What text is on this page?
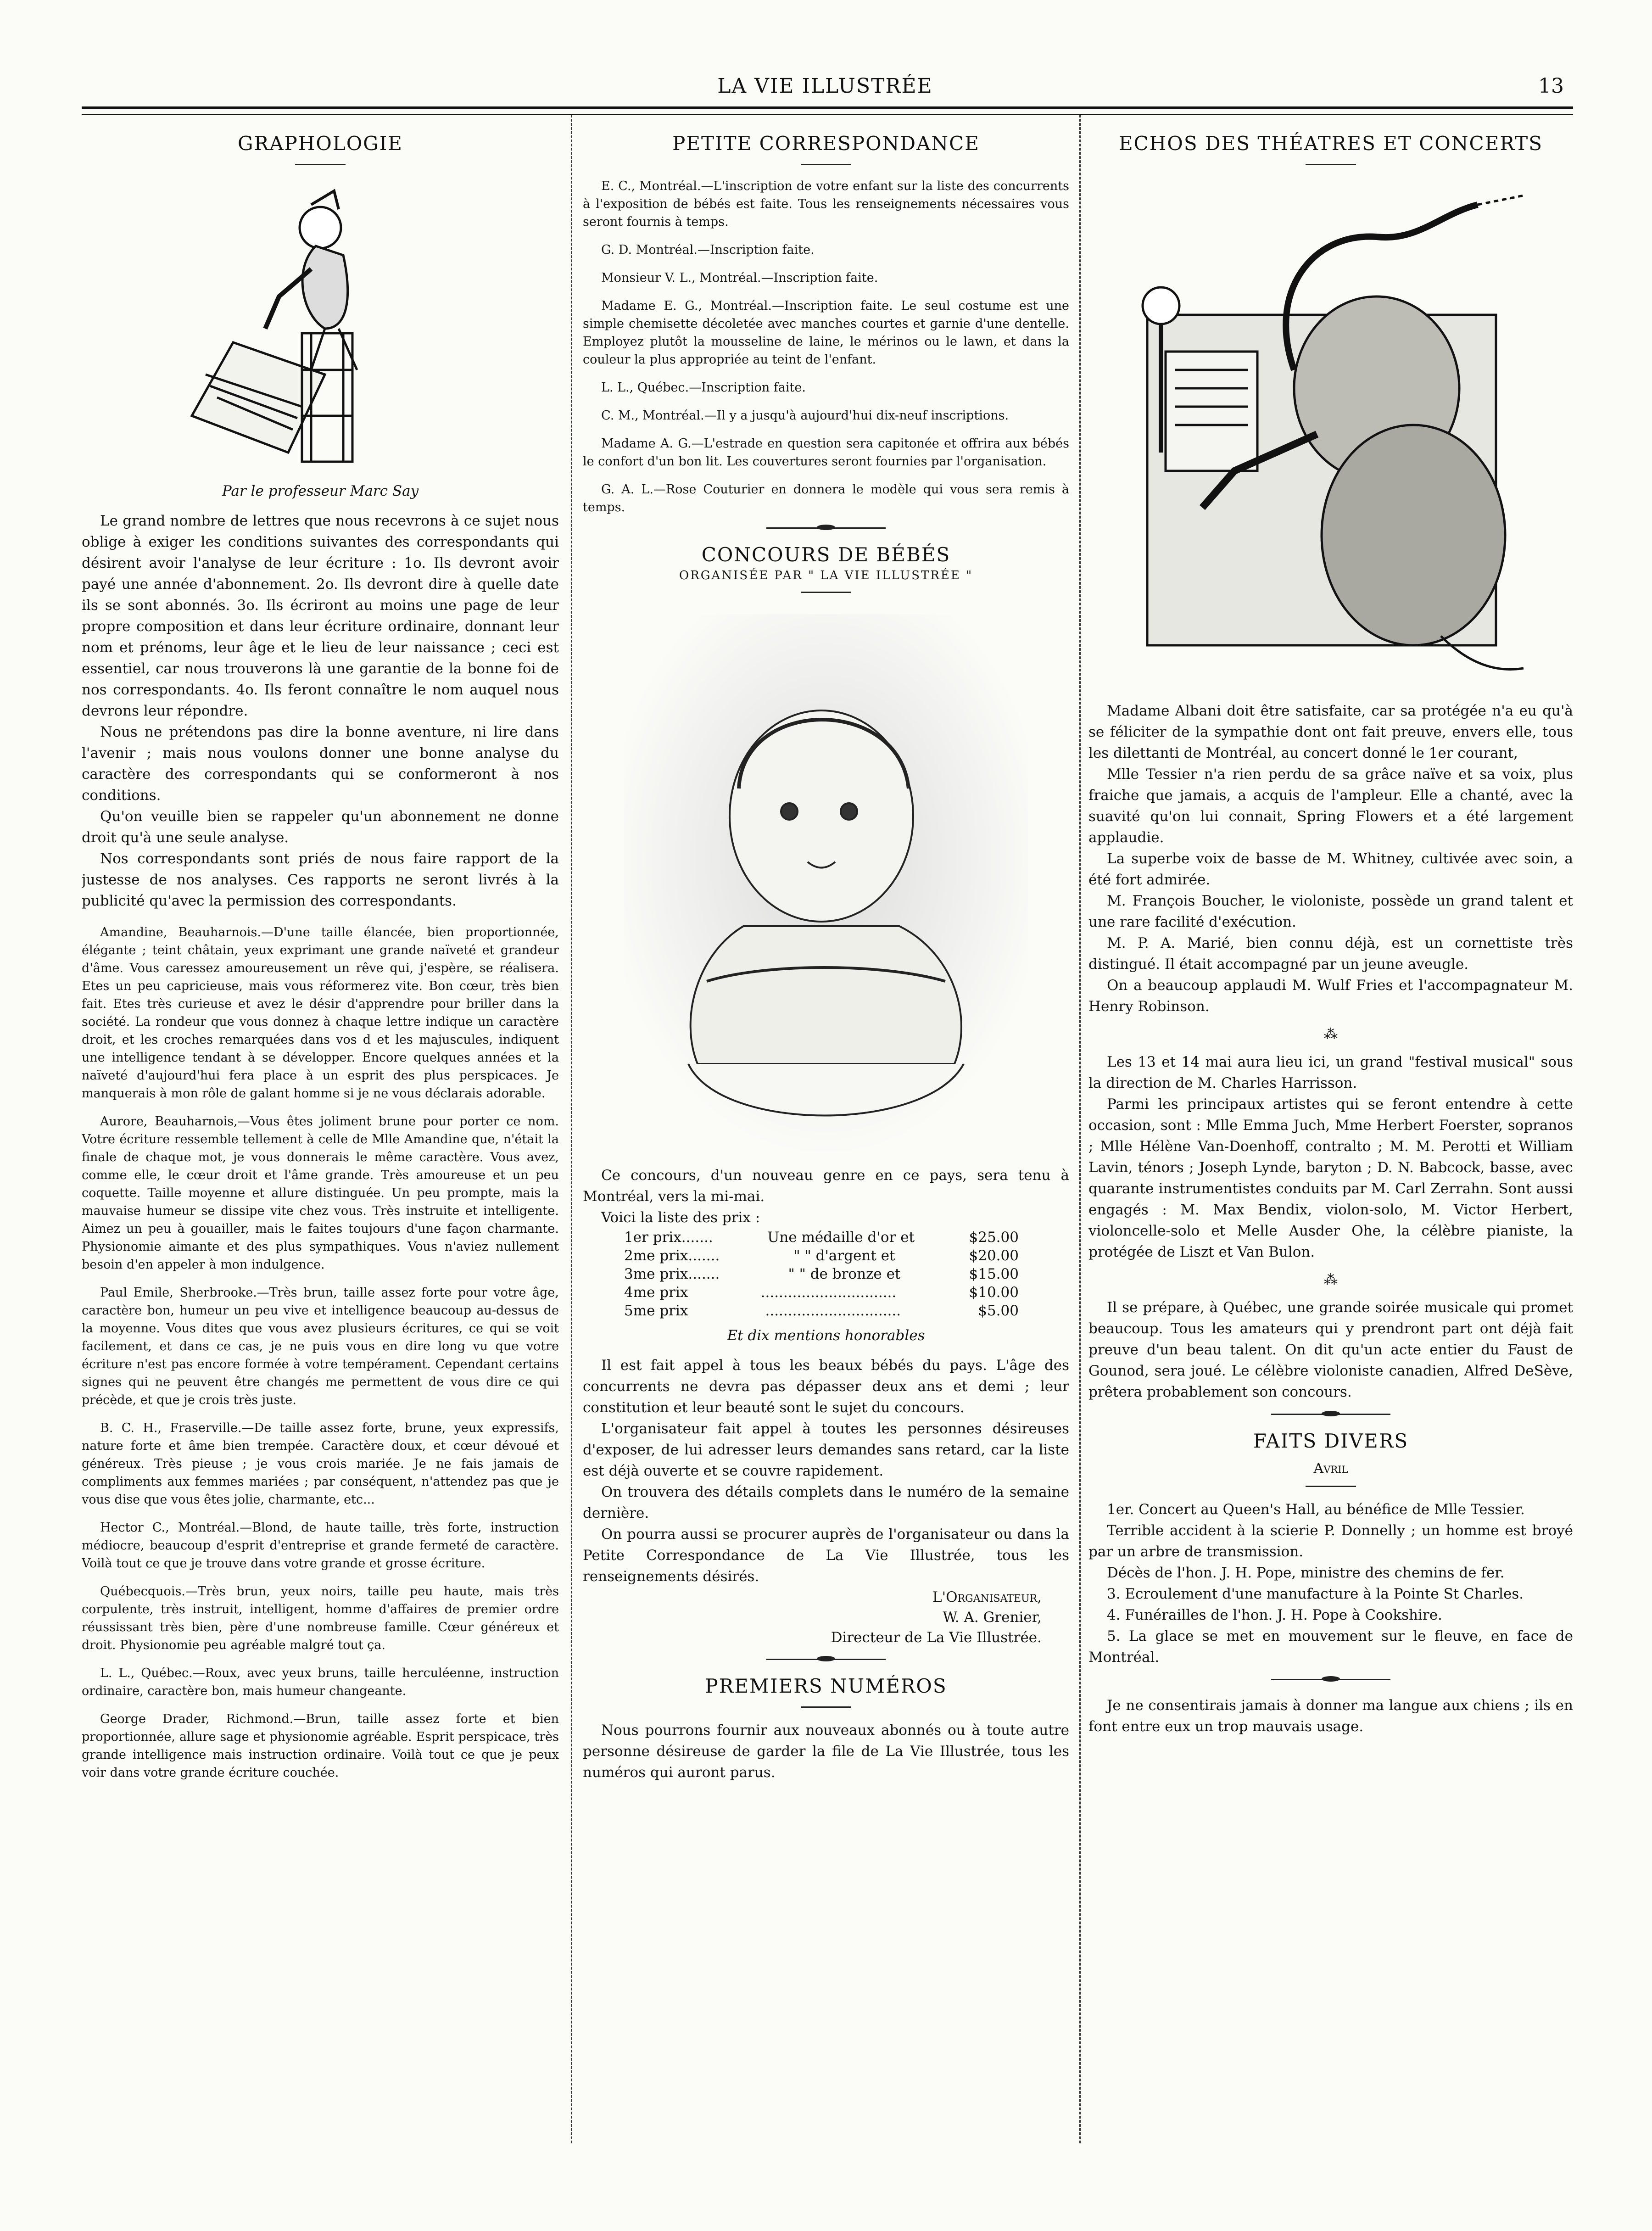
LA VIE ILLUSTRÉE	13
GRAPHOLOGIE
Par le professeur Marc Say

Le grand nombre de lettres que nous recevrons à ce sujet nous oblige à exiger les conditions suivantes des correspondants qui désirent avoir l'analyse de leur écriture : 1o. Ils devront avoir payé une année d'abonnement. 2o. Ils devront dire à quelle date ils se sont abonnés. 3o. Ils écriront au moins une page de leur propre composition et dans leur écriture ordinaire, donnant leur nom et prénoms, leur âge et le lieu de leur naissance ; ceci est essentiel, car nous trouverons là une garantie de la bonne foi de nos correspondants. 4o. Ils feront connaître le nom auquel nous devrons leur répondre.

Nous ne prétendons pas dire la bonne aventure, ni lire dans l'avenir ; mais nous voulons donner une bonne analyse du caractère des correspondants qui se conformeront à nos conditions.

Qu'on veuille bien se rappeler qu'un abonnement ne donne droit qu'à une seule analyse.

Nos correspondants sont priés de nous faire rapport de la justesse de nos analyses. Ces rapports ne seront livrés à la publicité qu'avec la permission des correspondants.

Amandine, Beauharnois.—D'une taille élancée, bien proportionnée, élégante ; teint châtain, yeux exprimant une grande naïveté et grandeur d'âme. Vous caressez amoureusement un rêve qui, j'espère, se réalisera. Etes un peu capricieuse, mais vous réformerez vite. Bon cœur, très bien fait. Etes très curieuse et avez le désir d'apprendre pour briller dans la société. La rondeur que vous donnez à chaque lettre indique un caractère droit, et les croches remarquées dans vos d et les majuscules, indiquent une intelligence tendant à se développer. Encore quelques années et la naïveté d'aujourd'hui fera place à un esprit des plus perspicaces. Je manquerais à mon rôle de galant homme si je ne vous déclarais adorable.

Aurore, Beauharnois,—Vous êtes joliment brune pour porter ce nom. Votre écriture ressemble tellement à celle de Mlle Amandine que, n'était la finale de chaque mot, je vous donnerais le même caractère. Vous avez, comme elle, le cœur droit et l'âme grande. Très amoureuse et un peu coquette. Taille moyenne et allure distinguée. Un peu prompte, mais la mauvaise humeur se dissipe vite chez vous. Très instruite et intelligente. Aimez un peu à gouailler, mais le faites toujours d'une façon charmante. Physionomie aimante et des plus sympathiques. Vous n'aviez nullement besoin d'en appeler à mon indulgence.

Paul Emile, Sherbrooke.—Très brun, taille assez forte pour votre âge, caractère bon, humeur un peu vive et intelligence beaucoup au-dessus de la moyenne. Vous dites que vous avez plusieurs écritures, ce qui se voit facilement, et dans ce cas, je ne puis vous en dire long vu que votre écriture n'est pas encore formée à votre tempérament. Cependant certains signes qui ne peuvent être changés me permettent de vous dire ce qui précède, et que je crois très juste.

B. C. H., Fraserville.—De taille assez forte, brune, yeux expressifs, nature forte et âme bien trempée. Caractère doux, et cœur dévoué et généreux. Très pieuse ; je vous crois mariée. Je ne fais jamais de compliments aux femmes mariées ; par conséquent, n'attendez pas que je vous dise que vous êtes jolie, charmante, etc...

Hector C., Montréal.—Blond, de haute taille, très forte, instruction médiocre, beaucoup d'esprit d'entreprise et grande fermeté de caractère. Voilà tout ce que je trouve dans votre grande et grosse écriture.

Québecquois.—Très brun, yeux noirs, taille peu haute, mais très corpulente, très instruit, intelligent, homme d'affaires de premier ordre réussissant très bien, père d'une nombreuse famille. Cœur généreux et droit. Physionomie peu agréable malgré tout ça.

L. L., Québec.—Roux, avec yeux bruns, taille herculéenne, instruction ordinaire, caractère bon, mais humeur changeante.

George Drader, Richmond.—Brun, taille assez forte et bien proportionnée, allure sage et physionomie agréable. Esprit perspicace, très grande intelligence mais instruction ordinaire. Voilà tout ce que je peux voir dans votre grande écriture couchée.

PETITE CORRESPONDANCE

E. C., Montréal.—L'inscription de votre enfant sur la liste des concurrents à l'exposition de bébés est faite. Tous les renseignements nécessaires vous seront fournis à temps.

G. D. Montréal.—Inscription faite.

Monsieur V. L., Montréal.—Inscription faite.

Madame E. G., Montréal.—Inscription faite. Le seul costume est une simple chemisette décoletée avec manches courtes et garnie d'une dentelle. Employez plutôt la mousseline de laine, le mérinos ou le lawn, et dans la couleur la plus appropriée au teint de l'enfant.

L. L., Québec.—Inscription faite.

C. M., Montréal.—Il y a jusqu'à aujourd'hui dix-neuf inscriptions.

Madame A. G.—L'estrade en question sera capitonée et offrira aux bébés le confort d'un bon lit. Les couvertures seront fournies par l'organisation.

G. A. L.—Rose Couturier en donnera le modèle qui vous sera remis à temps.

CONCOURS DE BÉBÉS
ORGANISÉE PAR " LA VIE ILLUSTRÉE "

Ce concours, d'un nouveau genre en ce pays, sera tenu à Montréal, vers la mi-mai.

Voici la liste des prix :

1er prix.......	Une médaille d'or et	$25.00
2me prix.......	" " d'argent et	$20.00
3me prix.......	" " de bronze et	$15.00
4me prix	..............................	$10.00
5me prix	..............................	$5.00
Et dix mentions honorables

Il est fait appel à tous les beaux bébés du pays. L'âge des concurrents ne devra pas dépasser deux ans et demi ; leur constitution et leur beauté sont le sujet du concours.

L'organisateur fait appel à toutes les personnes désireuses d'exposer, de lui adresser leurs demandes sans retard, car la liste est déjà ouverte et se couvre rapidement.

On trouvera des détails complets dans le numéro de la semaine dernière.

On pourra aussi se procurer auprès de l'organisateur ou dans la Petite Correspondance de La Vie Illustrée, tous les renseignements désirés.

L'Organisateur,
W. A. Grenier,
Directeur de La Vie Illustrée.
PREMIERS NUMÉROS

Nous pourrons fournir aux nouveaux abonnés ou à toute autre personne désireuse de garder la file de La Vie Illustrée, tous les numéros qui auront parus.

ECHOS DES THÉATRES ET CONCERTS

Madame Albani doit être satisfaite, car sa protégée n'a eu qu'à se féliciter de la sympathie dont ont fait preuve, envers elle, tous les dilettanti de Montréal, au concert donné le 1er courant,

Mlle Tessier n'a rien perdu de sa grâce naïve et sa voix, plus fraiche que jamais, a acquis de l'ampleur. Elle a chanté, avec la suavité qu'on lui connait, Spring Flowers et a été largement applaudie.

La superbe voix de basse de M. Whitney, cultivée avec soin, a été fort admirée.

M. François Boucher, le violoniste, possède un grand talent et une rare facilité d'exécution.

M. P. A. Marié, bien connu déjà, est un cornettiste très distingué. Il était accompagné par un jeune aveugle.

On a beaucoup applaudi M. Wulf Fries et l'accompagnateur M. Henry Robinson.

⁂

Les 13 et 14 mai aura lieu ici, un grand "festival musical" sous la direction de M. Charles Harrisson.

Parmi les principaux artistes qui se feront entendre à cette occasion, sont : Mlle Emma Juch, Mme Herbert Foerster, sopranos ; Mlle Hélène Van-Doenhoff, contralto ; M. M. Perotti et William Lavin, ténors ; Joseph Lynde, baryton ; D. N. Babcock, basse, avec quarante instrumentistes conduits par M. Carl Zerrahn. Sont aussi engagés : M. Max Bendix, violon-solo, M. Victor Herbert, violoncelle-solo et Melle Ausder Ohe, la célèbre pianiste, la protégée de Liszt et Van Bulon.

⁂

Il se prépare, à Québec, une grande soirée musicale qui promet beaucoup. Tous les amateurs qui y prendront part ont déjà fait preuve d'un beau talent. On dit qu'un acte entier du Faust de Gounod, sera joué. Le célèbre violoniste canadien, Alfred DeSève, prêtera probablement son concours.

FAITS DIVERS
Avril

1er. Concert au Queen's Hall, au bénéfice de Mlle Tessier.

Terrible accident à la scierie P. Donnelly ; un homme est broyé par un arbre de transmission.

Décès de l'hon. J. H. Pope, ministre des chemins de fer.

3. Ecroulement d'une manufacture à la Pointe St Charles.

4. Funérailles de l'hon. J. H. Pope à Cookshire.

5. La glace se met en mouvement sur le fleuve, en face de Montréal.

Je ne consentirais jamais à donner ma langue aux chiens ; ils en font entre eux un trop mauvais usage.
